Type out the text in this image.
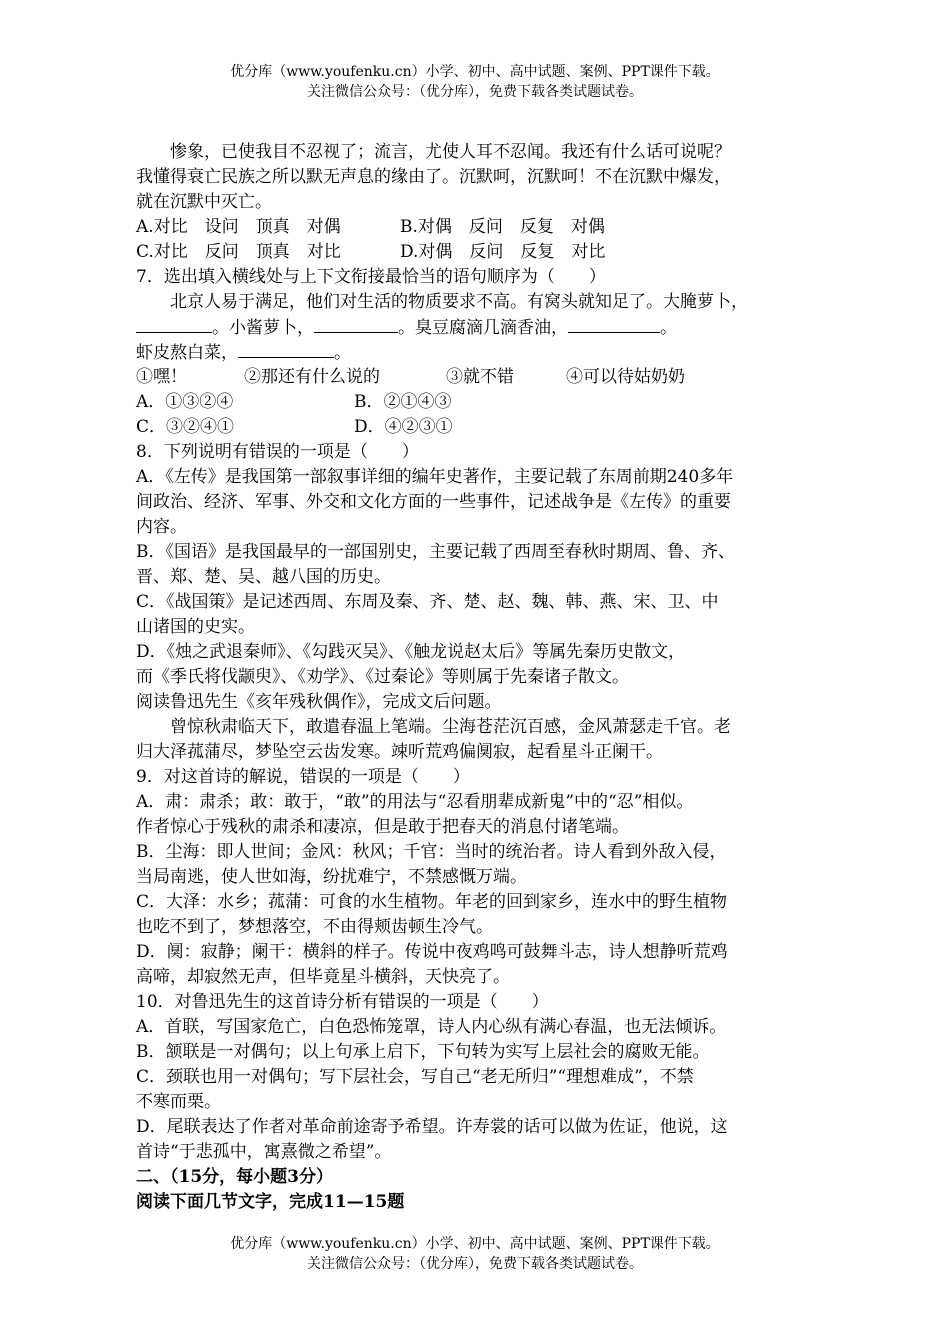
优分库（www.youfenku.cn）小学、初中、高中试题、案例、PPT课件下载。
关注微信公众号：（优分库），免费下载各类试题试卷。
惨象，已使我目不忍视了；流言，尤使人耳不忍闻。我还有什么话可说呢？
我懂得衰亡民族之所以默无声息的缘由了。沉默呵，沉默呵！不在沉默中爆发，
就在沉默中灭亡。
A.对比　设问　顶真　对偶	B.对偶　反问　反复　对偶
C.对比　反问　顶真　对比	D.对偶　反问　反复　对比
7．选出填入横线处与上下文衔接最恰当的语句顺序为（　　）
北京人易于满足，他们对生活的物质要求不高。有窝头就知足了。大腌萝卜，
。小酱萝卜，	。臭豆腐滴几滴香油，	。
虾皮熬白菜，	。
①嘿！	②那还有什么说的	③就不错	④可以待姑奶奶
A．①③②④	B．②①④③
C．③②④①	D．④②③①
8．下列说明有错误的一项是（　　）
A．《左传》是我国第一部叙事详细的编年史著作，主要记载了东周前期240多年
间政治、经济、军事、外交和文化方面的一些事件，记述战争是《左传》的重要
内容。
B．《国语》是我国最早的一部国别史，主要记载了西周至春秋时期周、鲁、齐、
晋、郑、楚、吴、越八国的历史。
C．《战国策》是记述西周、东周及秦、齐、楚、赵、魏、韩、燕、宋、卫、中
山诸国的史实。
D．《烛之武退秦师》、《勾践灭吴》、《触龙说赵太后》等属先秦历史散文，
而《季氏将伐颛臾》、《劝学》、《过秦论》等则属于先秦诸子散文。
阅读鲁迅先生《亥年残秋偶作》，完成文后问题。
曾惊秋肃临天下，敢遣春温上笔端。尘海苍茫沉百感，金风萧瑟走千官。老
归大泽菰蒲尽，梦坠空云齿发寒。竦听荒鸡偏阒寂，起看星斗正阑干。
9．对这首诗的解说，错误的一项是（　　）
A．肃：肃杀；敢：敢于，“敢”的用法与“忍看朋辈成新鬼”中的“忍”相似。
作者惊心于残秋的肃杀和凄凉，但是敢于把春天的消息付诸笔端。
B．尘海：即人世间；金风：秋风；千官：当时的统治者。诗人看到外敌入侵，
当局南逃，使人世如海，纷扰难宁，不禁感慨万端。
C．大泽：水乡；菰蒲：可食的水生植物。年老的回到家乡，连水中的野生植物
也吃不到了，梦想落空，不由得颊齿顿生冷气。
D．阒：寂静；阑干：横斜的样子。传说中夜鸡鸣可鼓舞斗志，诗人想静听荒鸡
高啼，却寂然无声，但毕竟星斗横斜，天快亮了。
10．对鲁迅先生的这首诗分析有错误的一项是（　　）
A．首联，写国家危亡，白色恐怖笼罩，诗人内心纵有满心春温，也无法倾诉。
B．颔联是一对偶句；以上句承上启下，下句转为实写上层社会的腐败无能。
C．颈联也用一对偶句；写下层社会，写自己“老无所归”“理想难成”，不禁
不寒而栗。
D．尾联表达了作者对革命前途寄予希望。许寿裳的话可以做为佐证，他说，这
首诗“于悲孤中，寓熹微之希望”。
二、（15分，每小题3分）
阅读下面几节文字，完成11—15题
优分库（www.youfenku.cn）小学、初中、高中试题、案例、PPT课件下载。
关注微信公众号：（优分库），免费下载各类试题试卷。
